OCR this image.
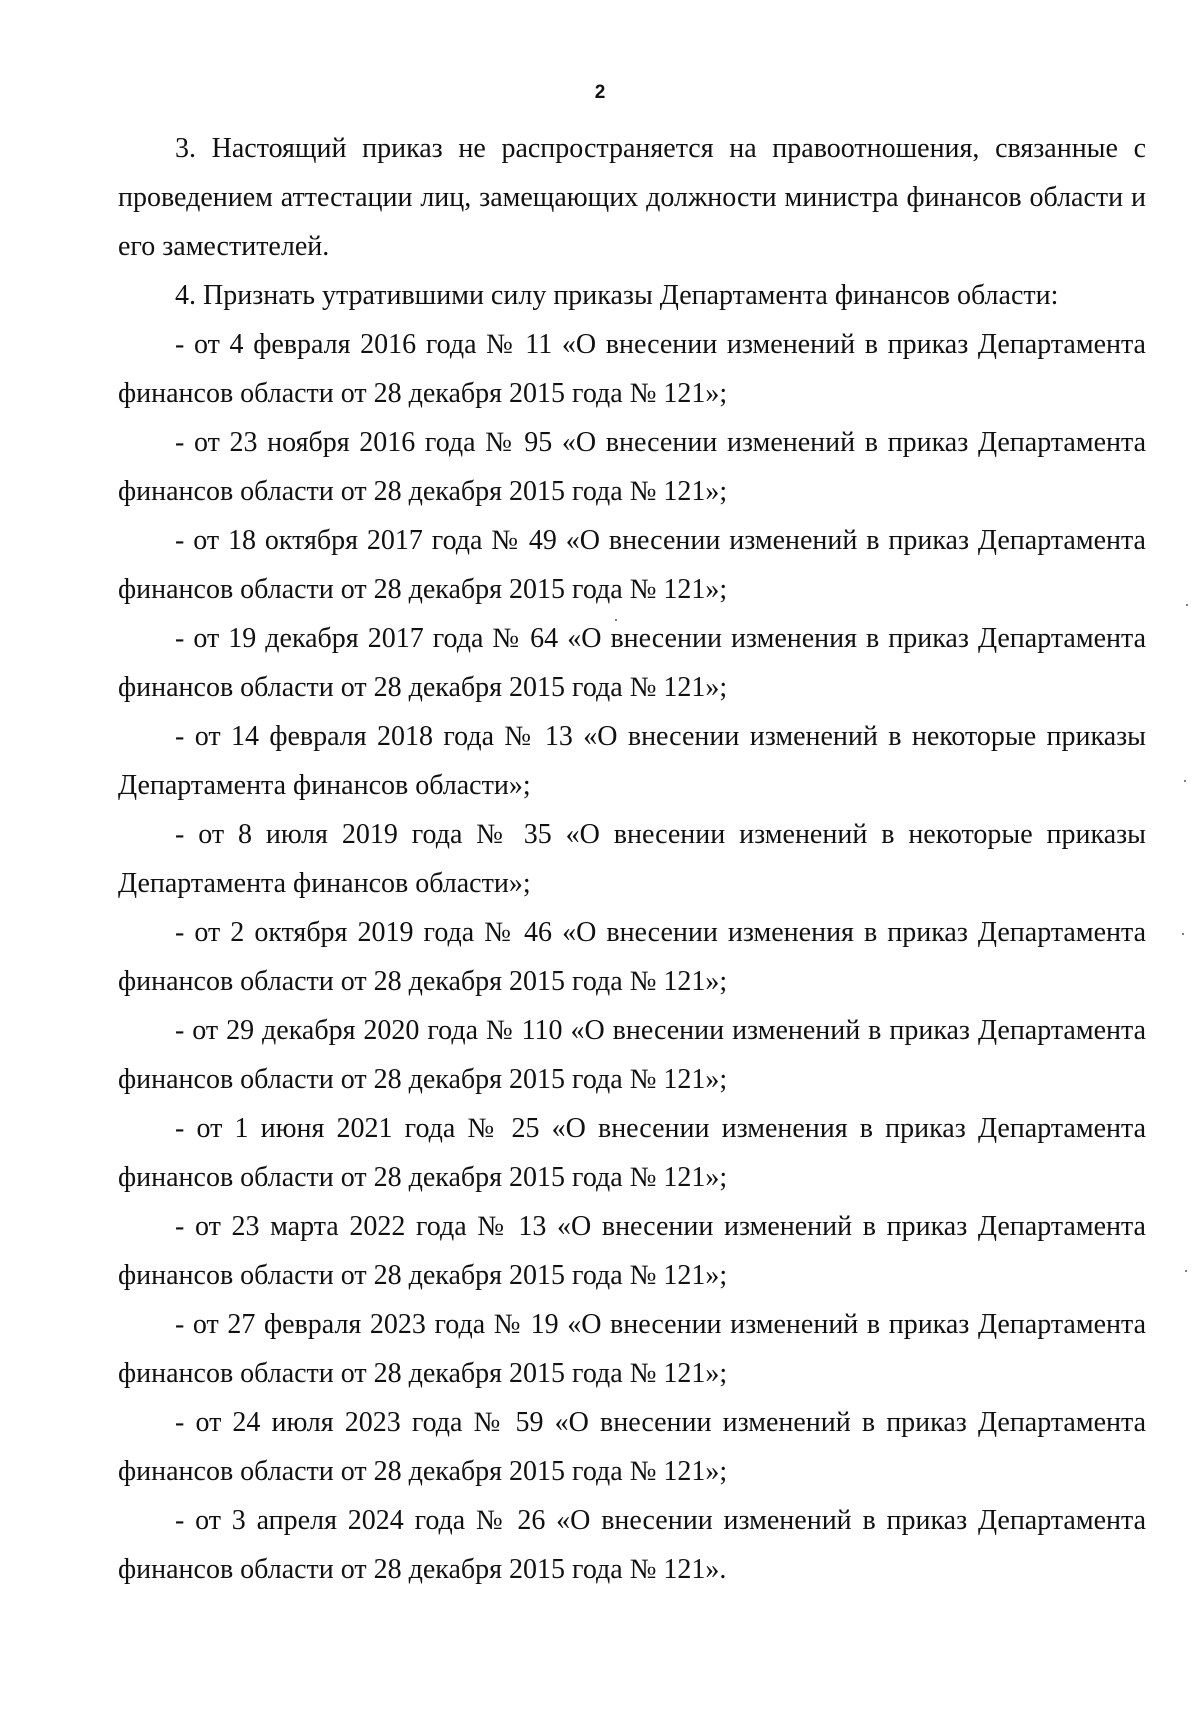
2

3. Настоящий приказ не распространяется на правоотношения, связанные с проведением аттестации лиц, замещающих должности министра финансов области и его заместителей.

4. Признать утратившими силу приказы Департамента финансов области:

- от 4 февраля 2016 года № 11 «О внесении изменений в приказ Департамента финансов области от 28 декабря 2015 года № 121»;

- от 23 ноября 2016 года № 95 «О внесении изменений в приказ Департамента финансов области от 28 декабря 2015 года № 121»;

- от 18 октября 2017 года № 49 «О внесении изменений в приказ Департамента финансов области от 28 декабря 2015 года № 121»;

- от 19 декабря 2017 года № 64 «О внесении изменения в приказ Департамента финансов области от 28 декабря 2015 года № 121»;

- от 14 февраля 2018 года № 13 «О внесении изменений в некоторые приказы Департамента финансов области»;

- от 8 июля 2019 года № 35 «О внесении изменений в некоторые приказы Департамента финансов области»;

- от 2 октября 2019 года № 46 «О внесении изменения в приказ Департамента финансов области от 28 декабря 2015 года № 121»;

- от 29 декабря 2020 года № 110 «О внесении изменений в приказ Департамента финансов области от 28 декабря 2015 года № 121»;

- от 1 июня 2021 года № 25 «О внесении изменения в приказ Департамента финансов области от 28 декабря 2015 года № 121»;

- от 23 марта 2022 года № 13 «О внесении изменений в приказ Департамента финансов области от 28 декабря 2015 года № 121»;

- от 27 февраля 2023 года № 19 «О внесении изменений в приказ Департамента финансов области от 28 декабря 2015 года № 121»;

- от 24 июля 2023 года № 59 «О внесении изменений в приказ Департамента финансов области от 28 декабря 2015 года № 121»;

- от 3 апреля 2024 года № 26 «О внесении изменений в приказ Департамента финансов области от 28 декабря 2015 года № 121».
